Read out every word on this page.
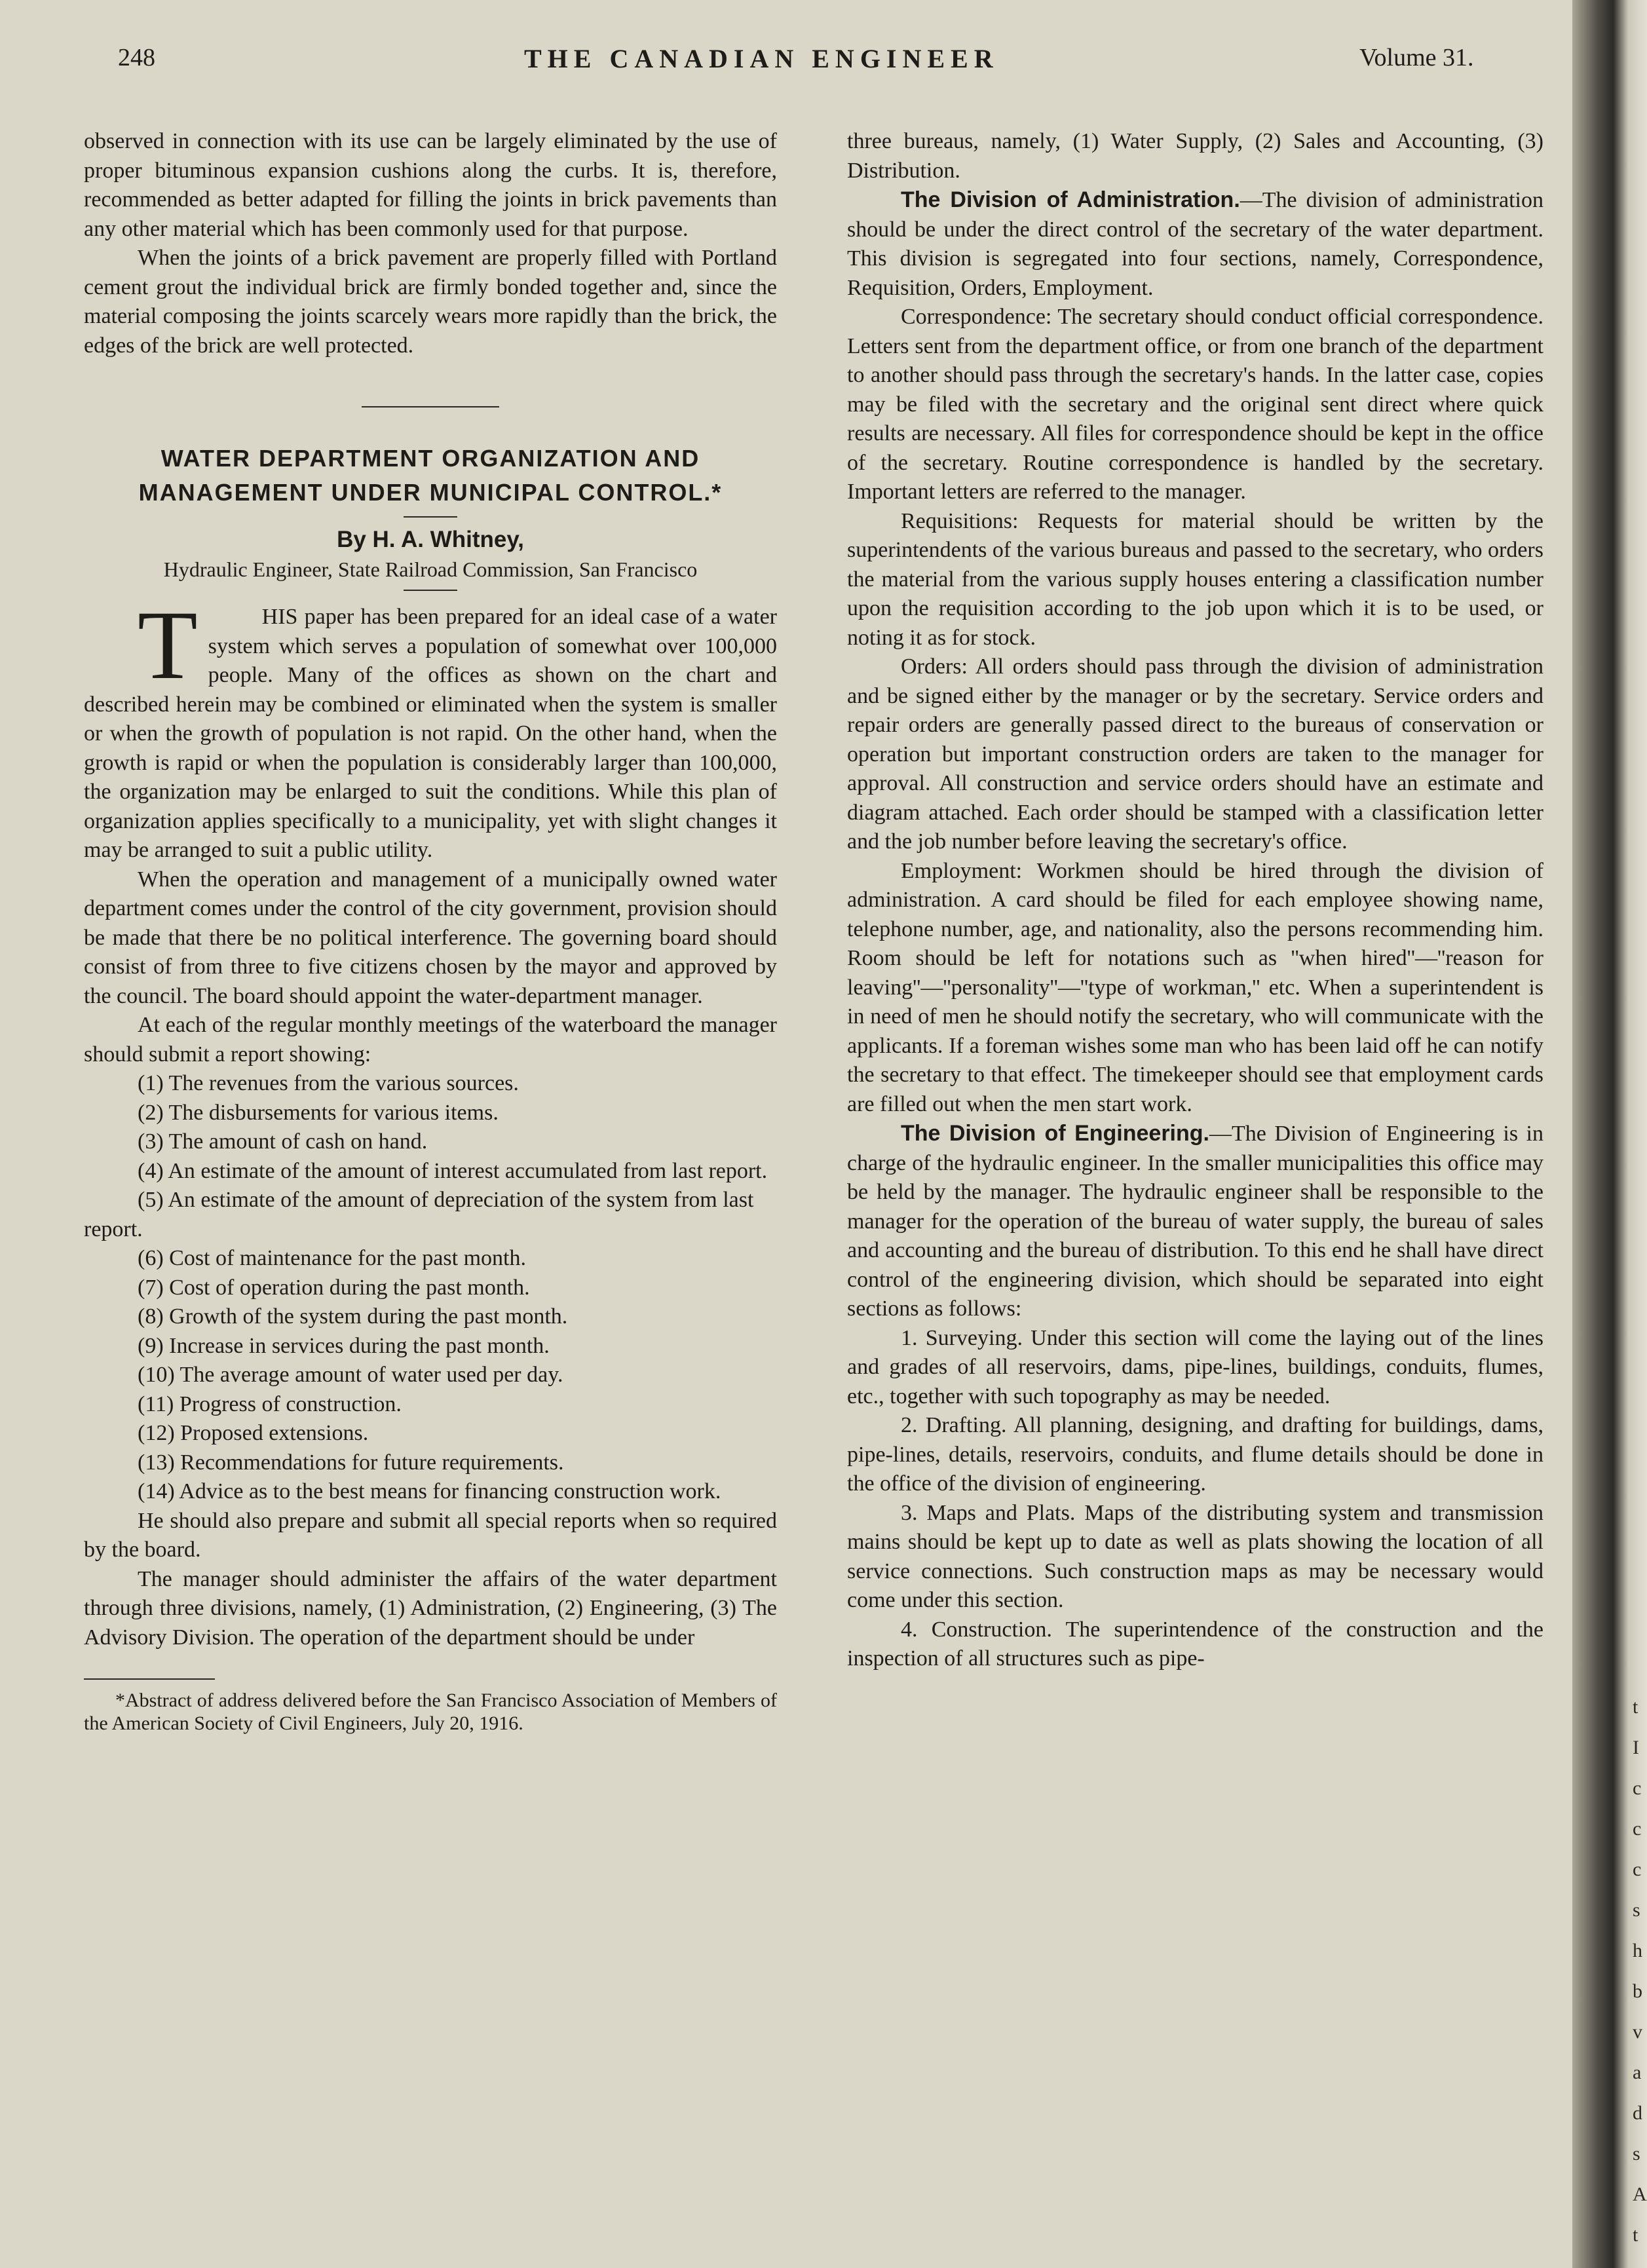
248	THE CANADIAN ENGINEER	Volume 31.

observed in connection with its use can be largely eliminated by the use of proper bituminous expansion cushions along the curbs. It is, therefore, recommended as better adapted for filling the joints in brick pavements than any other material which has been commonly used for that purpose.

When the joints of a brick pavement are properly filled with Portland cement grout the individual brick are firmly bonded together and, since the material composing the joints scarcely wears more rapidly than the brick, the edges of the brick are well protected.

WATER DEPARTMENT ORGANIZATION AND MANAGEMENT UNDER MUNICIPAL CONTROL.*

By H. A. Whitney,

Hydraulic Engineer, State Railroad Commission, San Francisco

T	HIS paper has been prepared for an ideal case of a water system which serves a population of somewhat over 100,000 people. Many of the offices as shown on the chart and described herein may be combined or eliminated when the system is smaller or when the growth of population is not rapid. On the other hand, when the growth is rapid or when the population is considerably larger than 100,000, the organization may be enlarged to suit the conditions. While this plan of organization applies specifically to a municipality, yet with slight changes it may be arranged to suit a public utility.

When the operation and management of a municipally owned water department comes under the control of the city government, provision should be made that there be no political interference. The governing board should consist of from three to five citizens chosen by the mayor and approved by the council. The board should appoint the water-department manager.

At each of the regular monthly meetings of the waterboard the manager should submit a report showing:

(1) The revenues from the various sources.

(2) The disbursements for various items.

(3) The amount of cash on hand.

(4) An estimate of the amount of interest accumulated from last report.

(5) An estimate of the amount of depreciation of the system from last report.

(6) Cost of maintenance for the past month.

(7) Cost of operation during the past month.

(8) Growth of the system during the past month.

(9) Increase in services during the past month.

(10) The average amount of water used per day.

(11) Progress of construction.

(12) Proposed extensions.

(13) Recommendations for future requirements.

(14) Advice as to the best means for financing construction work.

He should also prepare and submit all special reports when so required by the board.

The manager should administer the affairs of the water department through three divisions, namely, (1) Administration, (2) Engineering, (3) The Advisory Division. The operation of the department should be under

*Abstract of address delivered before the San Francisco Association of Members of the American Society of Civil Engineers, July 20, 1916.

three bureaus, namely, (1) Water Supply, (2) Sales and Accounting, (3) Distribution.

The Division of Administration.—The division of administration should be under the direct control of the secretary of the water department. This division is segregated into four sections, namely, Correspondence, Requisition, Orders, Employment.

Correspondence: The secretary should conduct official correspondence. Letters sent from the department office, or from one branch of the department to another should pass through the secretary's hands. In the latter case, copies may be filed with the secretary and the original sent direct where quick results are necessary. All files for correspondence should be kept in the office of the secretary. Routine correspondence is handled by the secretary. Important letters are referred to the manager.

Requisitions: Requests for material should be written by the superintendents of the various bureaus and passed to the secretary, who orders the material from the various supply houses entering a classification number upon the requisition according to the job upon which it is to be used, or noting it as for stock.

Orders: All orders should pass through the division of administration and be signed either by the manager or by the secretary. Service orders and repair orders are generally passed direct to the bureaus of conservation or operation but important construction orders are taken to the manager for approval. All construction and service orders should have an estimate and diagram attached. Each order should be stamped with a classification letter and the job number before leaving the secretary's office.

Employment: Workmen should be hired through the division of administration. A card should be filed for each employee showing name, telephone number, age, and nationality, also the persons recommending him. Room should be left for notations such as ''when hired''—''reason for leaving''—''personality''—''type of workman,'' etc. When a superintendent is in need of men he should notify the secretary, who will communicate with the applicants. If a foreman wishes some man who has been laid off he can notify the secretary to that effect. The timekeeper should see that employment cards are filled out when the men start work.

The Division of Engineering.—The Division of Engineering is in charge of the hydraulic engineer. In the smaller municipalities this office may be held by the manager. The hydraulic engineer shall be responsible to the manager for the operation of the bureau of water supply, the bureau of sales and accounting and the bureau of distribution. To this end he shall have direct control of the engineering division, which should be separated into eight sections as follows:

1. Surveying. Under this section will come the laying out of the lines and grades of all reservoirs, dams, pipe-lines, buildings, conduits, flumes, etc., together with such topography as may be needed.

2. Drafting. All planning, designing, and drafting for buildings, dams, pipe-lines, details, reservoirs, conduits, and flume details should be done in the office of the division of engineering.

3. Maps and Plats. Maps of the distributing system and transmission mains should be kept up to date as well as plats showing the location of all service connections. Such construction maps as may be necessary would come under this section.

4. Construction. The superintendence of the construction and the inspection of all structures such as pipe-

t
I
c
c
c
s
h
b
v
a
d
s
A
t
